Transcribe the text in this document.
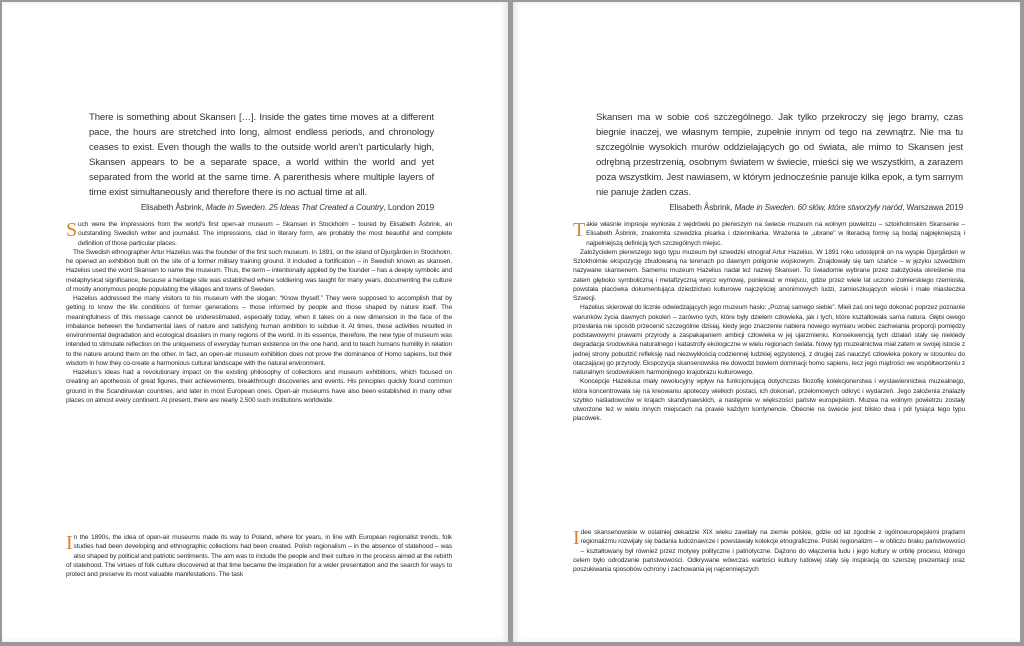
There is something about Skansen […]. Inside the gates time moves at a different pace, the hours are stretched into long, almost endless periods, and chronology ceases to exist. Even though the walls to the outside world aren’t particularly high, Skansen appears to be a separate space, a world within the world and yet separated from the world at the same time. A parenthesis where multiple layers of time exist simultaneously and therefore there is no actual time at all.

Elisabeth Åsbrink, Made in Sweden. 25 Ideas That Created a Country, London 2019

Such were the impressions from the world’s first open-air museum – Skansen in Stockholm – toured by Elisabeth Åsbrink, an outstanding Swedish writer and journalist. The impressions, clad in literary form, are probably the most beautiful and complete definition of those particular places.

The Swedish ethnographer Artur Hazelius was the founder of the first such museum. In 1891, on the island of Djurgården in Stockholm, he opened an exhibition built on the site of a former military training ground. It included a fortification – in Swedish known as skansen. Hazelius used the word Skansen to name the museum. Thus, the term – intentionally applied by the founder – has a deeply symbolic and metaphysical significance, because a heritage site was established where soldiering was taught for many years, documenting the culture of mostly anonymous people populating the villages and towns of Sweden.

Hazelius addressed the many visitors to his museum with the slogan: “Know thyself.” They were supposed to accomplish that by getting to know the life conditions of former generations – those informed by people and those shaped by nature itself. The meaningfulness of this message cannot be underestimated, especially today, when it takes on a new dimension in the face of the imbalance between the fundamental laws of nature and satisfying human ambition to subdue it. At times, these activities resulted in environmental degradation and ecological disasters in many regions of the world. In its essence, therefore, the new type of museum was intended to stimulate reflection on the uniqueness of everyday human existence on the one hand, and to teach humans humility in relation to the nature around them on the other. In fact, an open-air museum exhibition does not prove the dominance of Homo sapiens, but their wisdom in how they co-create a harmonious cultural landscape with the natural environment.

Hazelius’s ideas had a revolutionary impact on the existing philosophy of collections and museum exhibitions, which focused on creating an apotheosis of great figures, their achievements, breakthrough discoveries and events. His principles quickly found common ground in the Scandinavian countries, and later in most European ones. Open-air museums have also been established in many other places on almost every continent. At present, there are nearly 2,500 such institutions worldwide.

In the 1890s, the idea of open-air museums made its way to Poland, where for years, in line with European regionalist trends, folk studies had been developing and ethnographic collections had been created. Polish regionalism – in the absence of statehood – was also shaped by political and patriotic sentiments. The aim was to include the people and their culture in the process aimed at the rebirth of statehood. The virtues of folk culture discovered at that time became the inspiration for a wider presentation and the search for ways to protect and preserve its most valuable manifestations. The task

Skansen ma w sobie coś szczególnego. Jak tylko przekroczy się jego bramy, czas biegnie inaczej, we własnym tempie, zupełnie innym od tego na zewnątrz. Nie ma tu szczególnie wysokich murów oddzielających go od świata, ale mimo to Skansen jest odrębną przestrzenią, osobnym światem w świecie, mieści się we wszystkim, a zarazem poza wszystkim. Jest nawiasem, w którym jednocześnie panuje kilka epok, a tym samym nie panuje żaden czas.

Elisabeth Åsbrink, Made in Sweden. 60 słów, które stworzyły naród, Warszawa 2019

Takie właśnie impresje wyniosła z wędrówki po pierwszym na świecie muzeum na wolnym powietrzu – sztokholmskim Skansenie – Elisabeth Åsbrink, znakomita szwedzka pisarka i dziennikarka. Wrażenia te „ubrane” w literacką formę są bodaj najpiękniejszą i najpełniejszą definicją tych szczególnych miejsc.

Założycielem pierwszego tego typu muzeum był szwedzki etnograf Artur Hazelius. W 1891 roku udostępnił on na wyspie Djurgården w Sztokholmie ekspozycję zbudowaną na terenach po dawnym poligonie wojskowym. Znajdowały się tam szańce – w języku szwedzkim nazywane skansenem. Samemu muzeum Hazelius nadał też nazwę Skansen. To świadomie wybrane przez założyciela określenie ma zatem głęboko symboliczną i metafizyczną wręcz wymowę, ponieważ w miejscu, gdzie przez wiele lat uczono żołnierskiego rzemiosła, powstała placówka dokumentująca dziedzictwo kulturowe najczęściej anonimowych ludzi, zamieszkujących wioski i małe miasteczka Szwecji.

Hazelius skierował do licznie odwiedzających jego muzeum hasło: „Poznaj samego siebie”. Mieli zaś oni tego dokonać poprzez poznanie warunków życia dawnych pokoleń – zarówno tych, które były dziełem człowieka, jak i tych, które kształtowała sama natura. Głębi owego przesłania nie sposób przecenić szczególnie dzisiaj, kiedy jego znaczenie nabiera nowego wymiaru wobec zachwiania proporcji pomiędzy podstawowymi prawami przyrody a zaspakajaniem ambicji człowieka w jej ujarzmieniu. Konsekwencją tych działań stały się niekiedy degradacja środowiska naturalnego i katastrofy ekologiczne w wielu regionach świata. Nowy typ muzealnictwa miał zatem w swojej istocie z jednej strony pobudzić refleksję nad niezwykłością codziennej ludzkiej egzystencji, z drugiej zaś nauczyć człowieka pokory w stosunku do otaczającej go przyrody. Ekspozycja skansenowska nie dowodzi bowiem dominacji homo sapiens, lecz jego mądrości we współtworzeniu z naturalnym środowiskiem harmonijnego krajobrazu kulturowego.

Koncepcje Hazeliusa miały rewolucyjny wpływ na funkcjonującą dotychczas filozofię kolekcjonerstwa i wystawiennictwa muzealnego, która koncentrowała się na kreowaniu apoteozy wielkich postaci, ich dokonań, przełomowych odkryć i wydarzeń. Jego założenia znalazły szybko naśladowców w krajach skandynawskich, a następnie w większości państw europejskich. Muzea na wolnym powietrzu zostały utworzone też w wielu innych miejscach na prawie każdym kontynencie. Obecnie na świecie jest blisko dwa i pół tysiąca tego typu placówek.

Idee skansenowskie w ostatniej dekadzie XIX wieku zawitały na ziemie polskie, gdzie od lat zgodnie z ogólnoeuropejskimi prądami regionalizmu rozwijały się badania ludoznawcze i powstawały kolekcje etnograficzne. Polski regionalizm – w obliczu braku państwowości – kształtowany był również przez motywy polityczne i patriotyczne. Dążono do włączenia ludu i jego kultury w orbitę procesu, którego celem było odrodzenie państwowości. Odkrywane wówczas wartości kultury ludowej stały się inspiracją do szerszej prezentacji oraz poszukiwania sposobów ochrony i zachowania jej najcenniejszych
